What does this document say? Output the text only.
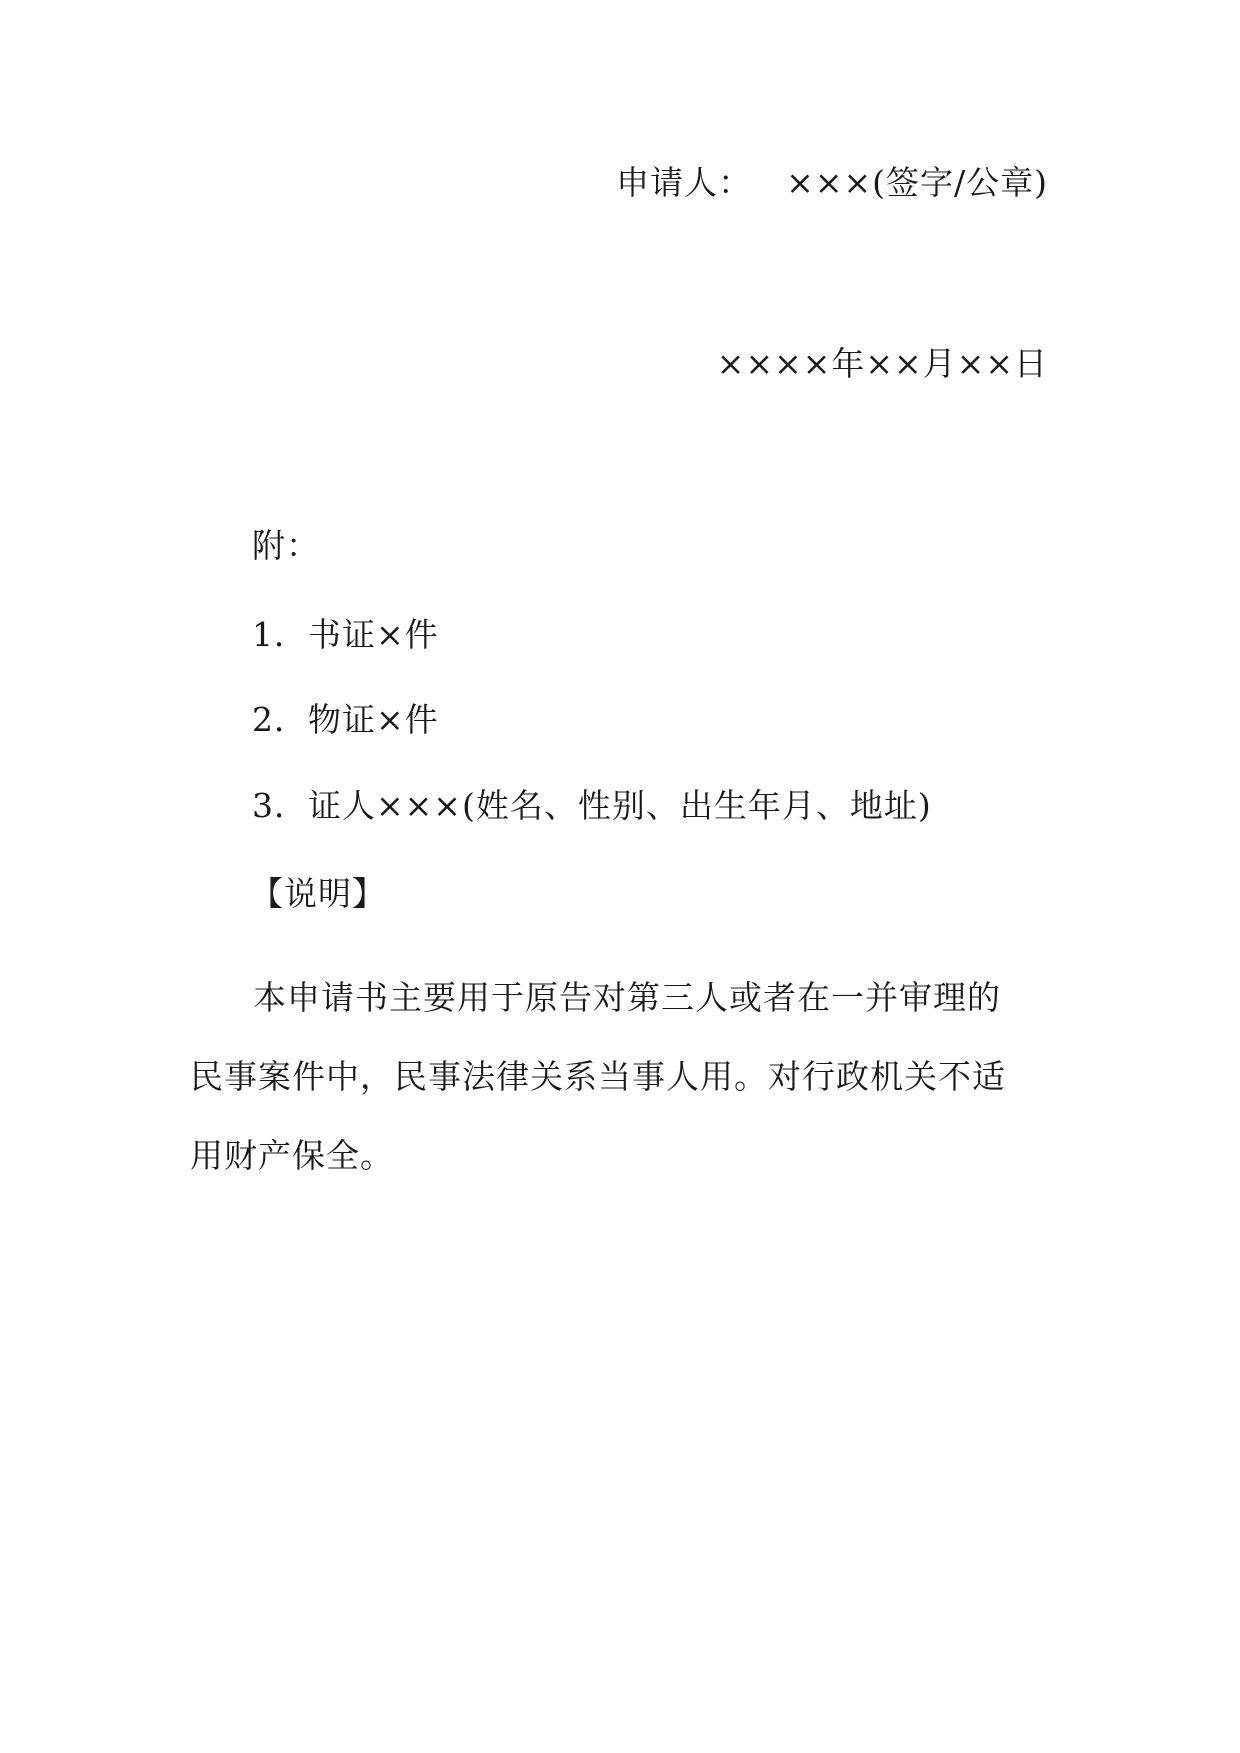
申请人： ×××(签字/公章)
××××年××月××日
附：
1．书证×件
2．物证×件
3．证人×××(姓名、性别、出生年月、地址)
【说明】
本申请书主要用于原告对第三人或者在一并审理的民事案件中，民事法律关系当事人用。对行政机关不适用财产保全。
